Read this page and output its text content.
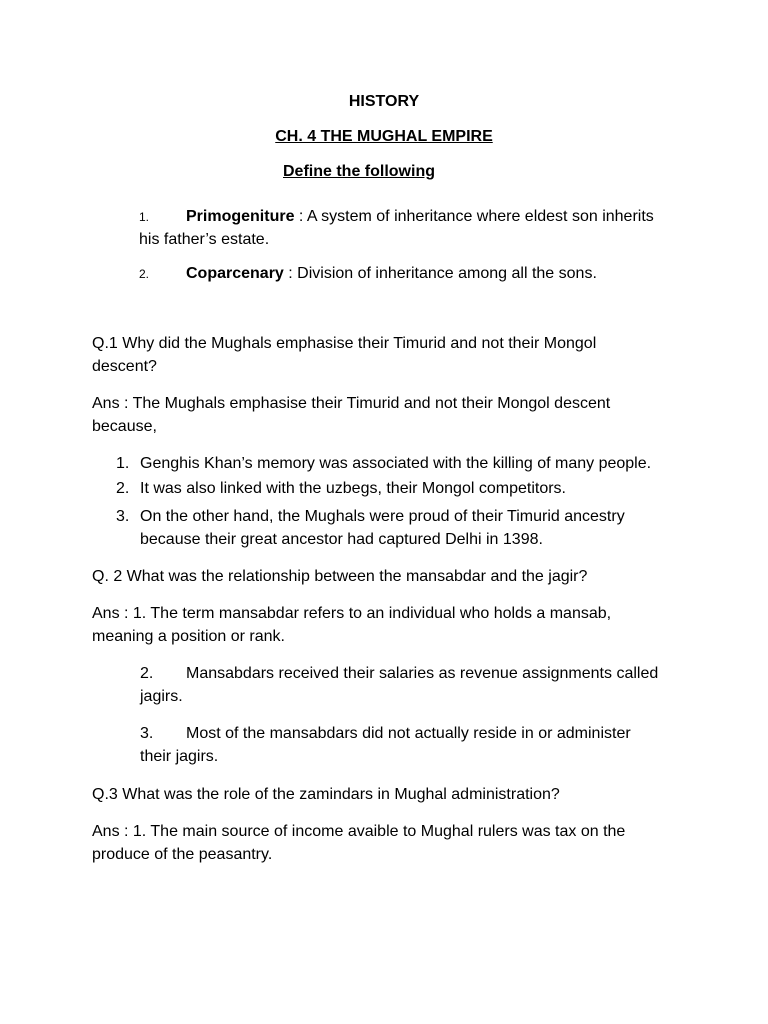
HISTORY
CH. 4 THE MUGHAL EMPIRE
Define the following
1. Primogeniture : A system of inheritance where eldest son inherits
his father’s estate.
2. Coparcenary : Division of inheritance among all the sons.
Q.1 Why did the Mughals emphasise their Timurid and not their Mongol
descent?
Ans : The Mughals emphasise their Timurid and not their Mongol descent
because,
1. Genghis Khan’s memory was associated with the killing of many people.
2. It was also linked with the uzbegs, their Mongol competitors.
3. On the other hand, the Mughals were proud of their Timurid ancestry
because their great ancestor had captured Delhi in 1398.
Q. 2 What was the relationship between the mansabdar and the jagir?
Ans : 1. The term mansabdar refers to an individual who holds a mansab,
meaning a position or rank.
2. Mansabdars received their salaries as revenue assignments called
jagirs.
3. Most of the mansabdars did not actually reside in or administer
their jagirs.
Q.3 What was the role of the zamindars in Mughal administration?
Ans : 1. The main source of income avaible to Mughal rulers was tax on the
produce of the peasantry.
